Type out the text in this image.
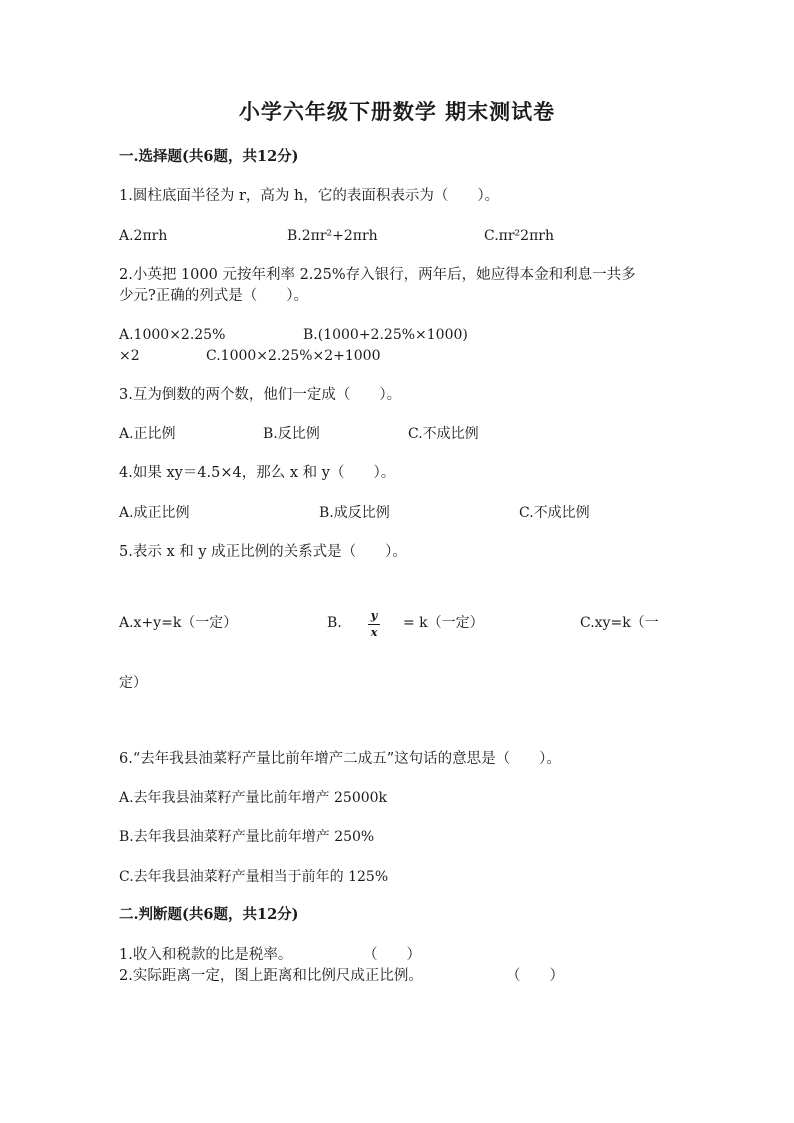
小学六年级下册数学 期末测试卷
一.选择题(共6题，共12分)
1.圆柱底面半径为 r，高为 h，它的表面积表示为（　　）。
A.2πrh	B.2πr²+2πrh	C.πr²2πrh
2.小英把 1000 元按年利率 2.25%存入银行，两年后，她应得本金和利息一共多
少元?正确的列式是（　　）。
A.1000×2.25%	B.(1000+2.25%×1000)
×2	C.1000×2.25%×2+1000
3.互为倒数的两个数，他们一定成（　　）。
A.正比例	B.反比例	C.不成比例
4.如果 xy＝4.5×4，那么 x 和 y（　　）。
A.成正比例	B.成反比例	C.不成比例
5.表示 x 和 y 成正比例的关系式是（　　）。
A.x+y=k（一定）	B.	y
x
= k（一定）	C.xy=k（一
定）
6.“去年我县油菜籽产量比前年增产二成五”这句话的意思是（　　）。
A.去年我县油菜籽产量比前年增产 25000k
B.去年我县油菜籽产量比前年增产 250%
C.去年我县油菜籽产量相当于前年的 125%
二.判断题(共6题，共12分)
1.收入和税款的比是税率。	（　　）
2.实际距离一定，图上距离和比例尺成正比例。	（　　）
